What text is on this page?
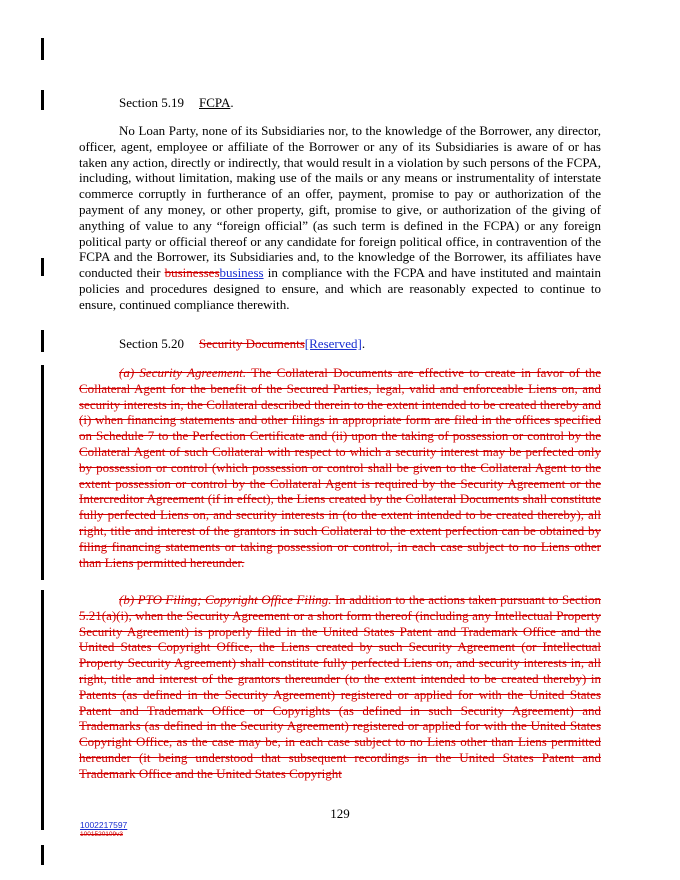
Section 5.19 FCPA.

No Loan Party, none of its Subsidiaries nor, to the knowledge of the Borrower, any director, officer, agent, employee or affiliate of the Borrower or any of its Subsidiaries is aware of or has taken any action, directly or indirectly, that would result in a violation by such persons of the FCPA, including, without limitation, making use of the mails or any means or instrumentality of interstate commerce corruptly in furtherance of an offer, payment, promise to pay or authorization of the payment of any money, or other property, gift, promise to give, or authorization of the giving of anything of value to any “foreign official” (as such term is defined in the FCPA) or any foreign political party or official thereof or any candidate for foreign political office, in contravention of the FCPA and the Borrower, its Subsidiaries and, to the knowledge of the Borrower, its affiliates have conducted their businessesbusiness in compliance with the FCPA and have instituted and maintain policies and procedures designed to ensure, and which are reasonably expected to continue to ensure, continued compliance therewith.

Section 5.20 Security Documents[Reserved].

(a) Security Agreement. The Collateral Documents are effective to create in favor of the Collateral Agent for the benefit of the Secured Parties, legal, valid and enforceable Liens on, and security interests in, the Collateral described therein to the extent intended to be created thereby and (i) when financing statements and other filings in appropriate form are filed in the offices specified on Schedule 7 to the Perfection Certificate and (ii) upon the taking of possession or control by the Collateral Agent of such Collateral with respect to which a security interest may be perfected only by possession or control (which possession or control shall be given to the Collateral Agent to the extent possession or control by the Collateral Agent is required by the Security Agreement or the Intercreditor Agreement (if in effect), the Liens created by the Collateral Documents shall constitute fully perfected Liens on, and security interests in (to the extent intended to be created thereby), all right, title and interest of the grantors in such Collateral to the extent perfection can be obtained by filing financing statements or taking possession or control, in each case subject to no Liens other than Liens permitted hereunder.

(b) PTO Filing; Copyright Office Filing. In addition to the actions taken pursuant to Section 5.21(a)(i), when the Security Agreement or a short form thereof (including any Intellectual Property Security Agreement) is properly filed in the United States Patent and Trademark Office and the United States Copyright Office, the Liens created by such Security Agreement (or Intellectual Property Security Agreement) shall constitute fully perfected Liens on, and security interests in, all right, title and interest of the grantors thereunder (to the extent intended to be created thereby) in Patents (as defined in the Security Agreement) registered or applied for with the United States Patent and Trademark Office or Copyrights (as defined in such Security Agreement) and Trademarks (as defined in the Security Agreement) registered or applied for with the United States Copyright Office, as the case may be, in each case subject to no Liens other than Liens permitted hereunder (it being understood that subsequent recordings in the United States Patent and Trademark Office and the United States Copyright

129
1002217597
1001520109v3
